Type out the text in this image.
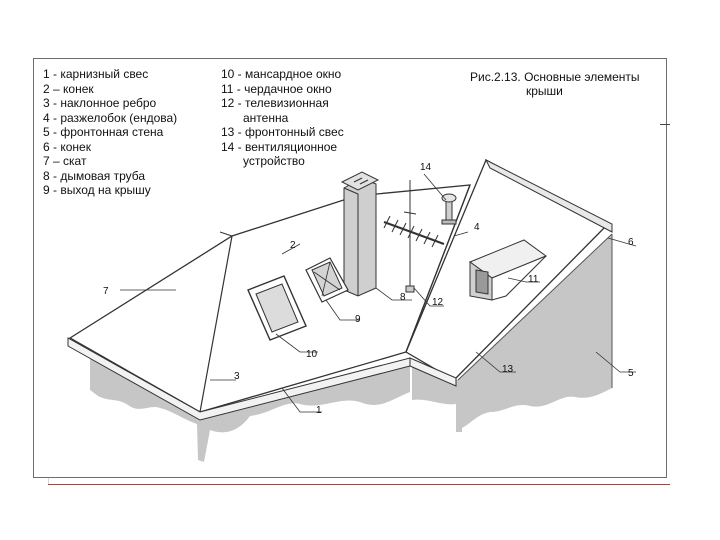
1 - карнизный свес
2 – конек
3 - наклонное ребро
4 - разжелобок (ендова)
5 - фронтонная стена
6 - конек
7 – скат
8 - дымовая труба
9 - выход на крышу
10 - мансардное окно
11 - чердачное окно
12 - телевизионная
антенна
13 - фронтонный свес
14 - вентиляционное
устройство
Рис.2.13. Основные элементы
крыши
1
2
3
4
5
6
7
8
9
10
11
12
13
14
